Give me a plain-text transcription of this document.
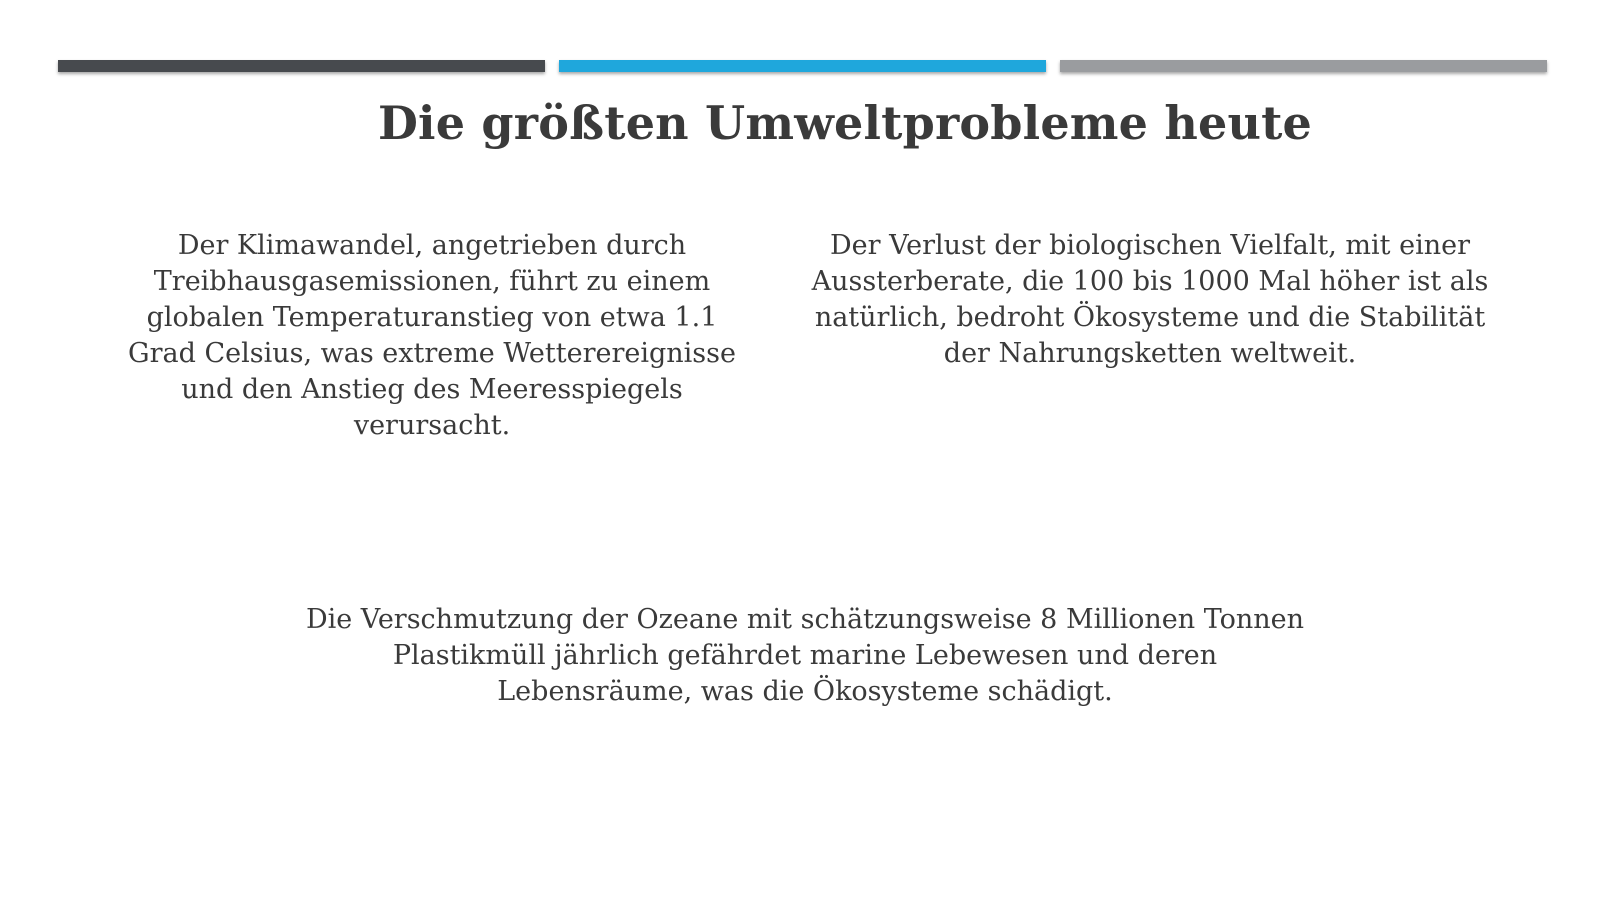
Die größten Umweltprobleme heute

Der Klimawandel, angetrieben durch Treibhausgasemissionen, führt zu einem globalen Temperaturanstieg von etwa 1.1 Grad Celsius, was extreme Wetterereignisse und den Anstieg des Meeresspiegels verursacht.

Der Verlust der biologischen Vielfalt, mit einer Aussterberate, die 100 bis 1000 Mal höher ist als natürlich, bedroht Ökosysteme und die Stabilität der Nahrungsketten weltweit.

Die Verschmutzung der Ozeane mit schätzungsweise 8 Millionen Tonnen Plastikmüll jährlich gefährdet marine Lebewesen und deren Lebensräume, was die Ökosysteme schädigt.
